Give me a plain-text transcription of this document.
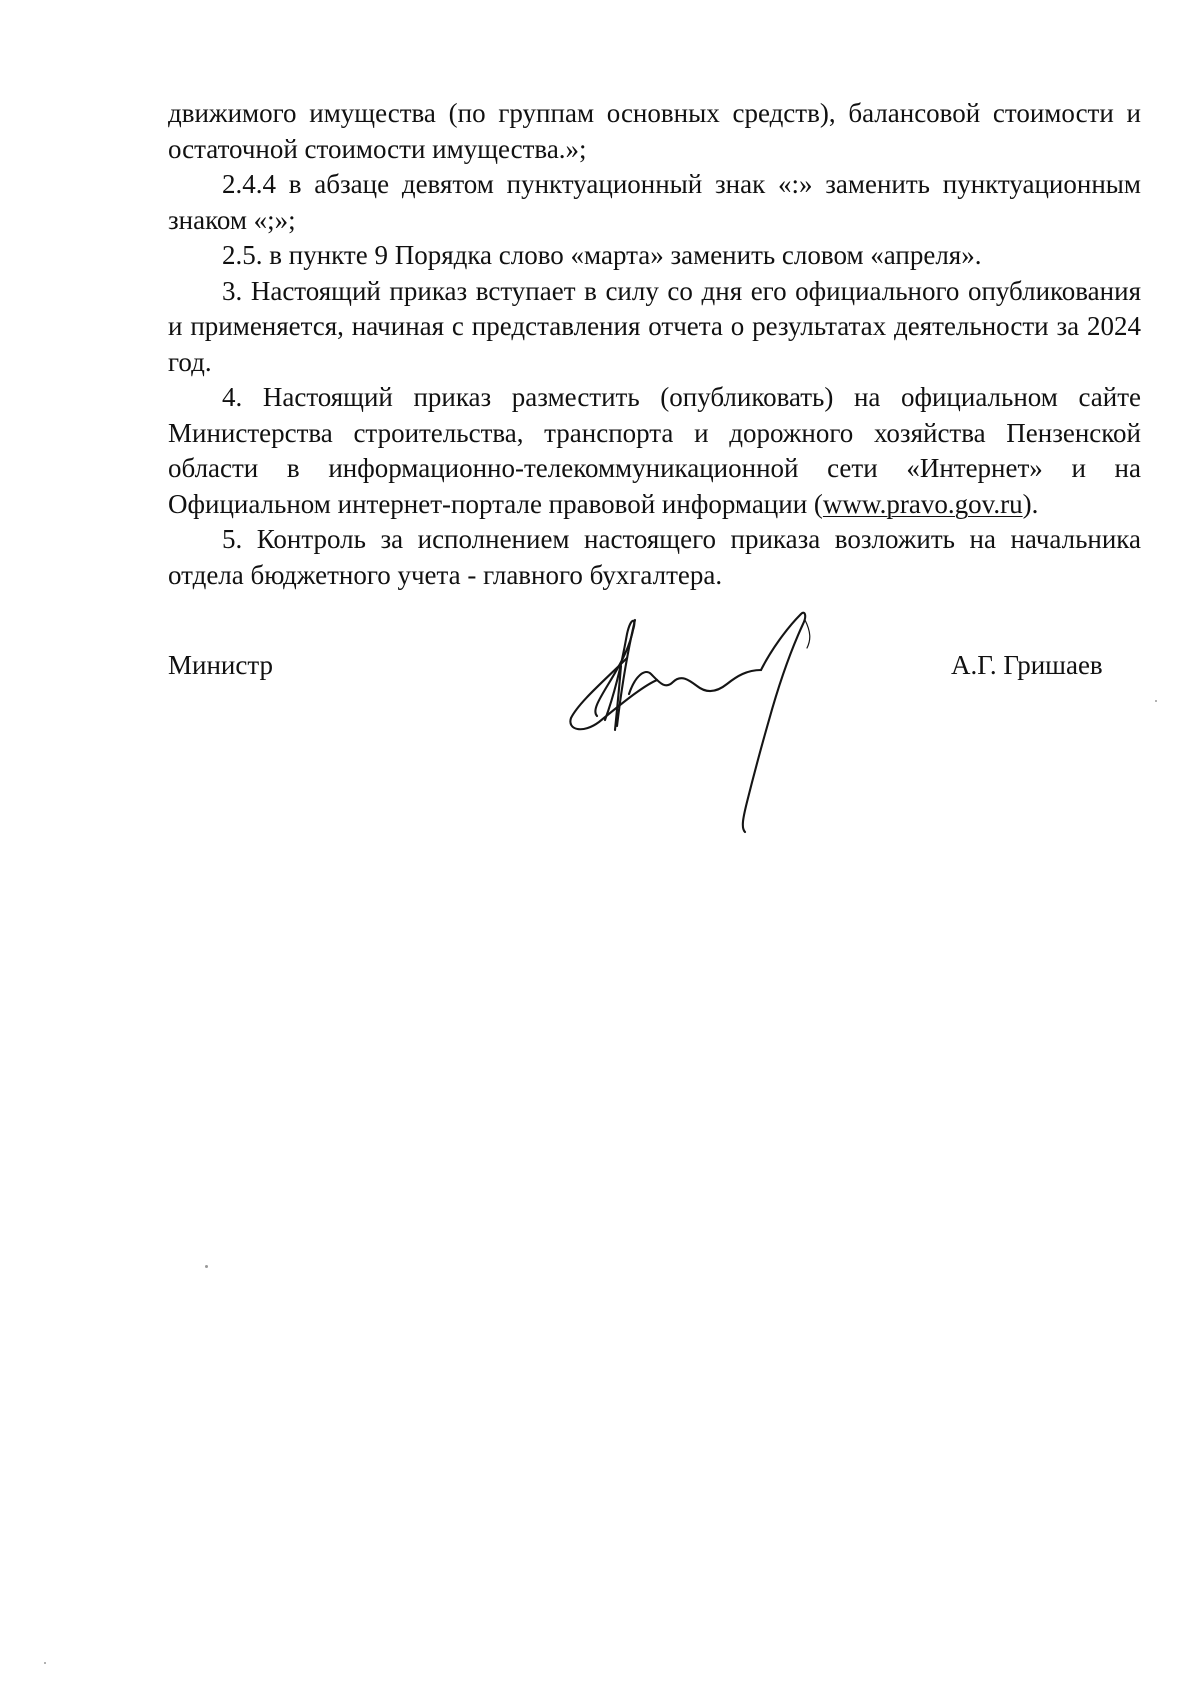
движимого имущества (по группам основных средств), балансовой стоимости и остаточной стоимости имущества.»;

2.4.4 в абзаце девятом пунктуационный знак «:» заменить пунктуационным знаком «;»;

2.5. в пункте 9 Порядка слово «марта» заменить словом «апреля».

3. Настоящий приказ вступает в силу со дня его официального опубликования и применяется, начиная с представления отчета о результатах деятельности за 2024 год.

4. Настоящий приказ разместить (опубликовать) на официальном сайте Министерства строительства, транспорта и дорожного хозяйства Пензенской области в информационно-телекоммуникационной сети «Интернет» и на Официальном интернет-портале правовой информации (www.pravo.gov.ru).

5. Контроль за исполнением настоящего приказа возложить на начальника отдела бюджетного учета - главного бухгалтера.

Министр	А.Г. Гришаев
